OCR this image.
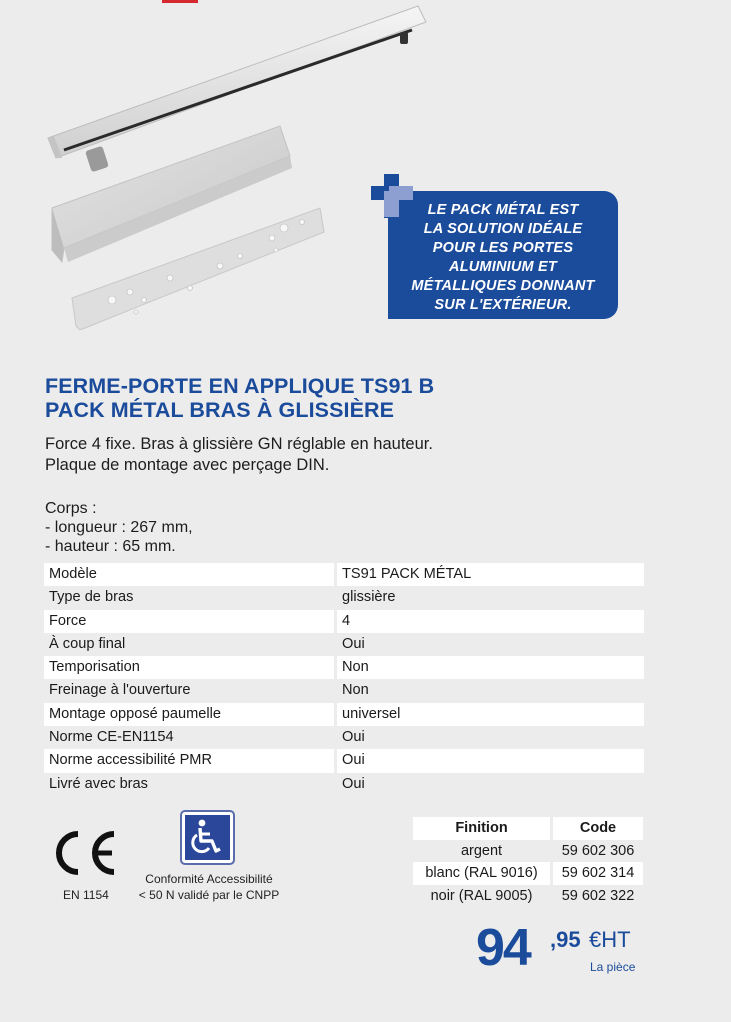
LE PACK MÉTAL EST
LA SOLUTION IDÉALE
POUR LES PORTES
ALUMINIUM ET
MÉTALLIQUES DONNANT
SUR L'EXTÉRIEUR.
FERME-PORTE EN APPLIQUE TS91 B
PACK MÉTAL BRAS À GLISSIÈRE
Force 4 fixe. Bras à glissière GN réglable en hauteur.
Plaque de montage avec perçage DIN.
Corps :
- longueur : 267 mm,
- hauteur : 65 mm.
Modèle	TS91 PACK MÉTAL
Type de bras	glissière
Force	4
À coup final	Oui
Temporisation	Non
Freinage à l'ouverture	Non
Montage opposé paumelle	universel
Norme CE-EN1154	Oui
Norme accessibilité PMR	Oui
Livré avec bras	Oui
EN 1154
Conformité Accessibilité
< 50 N validé par le CNPP
Finition	Code
argent	59 602 306
blanc (RAL 9016)	59 602 314
noir (RAL 9005)	59 602 322
94 ,95 €HT
La pièce
